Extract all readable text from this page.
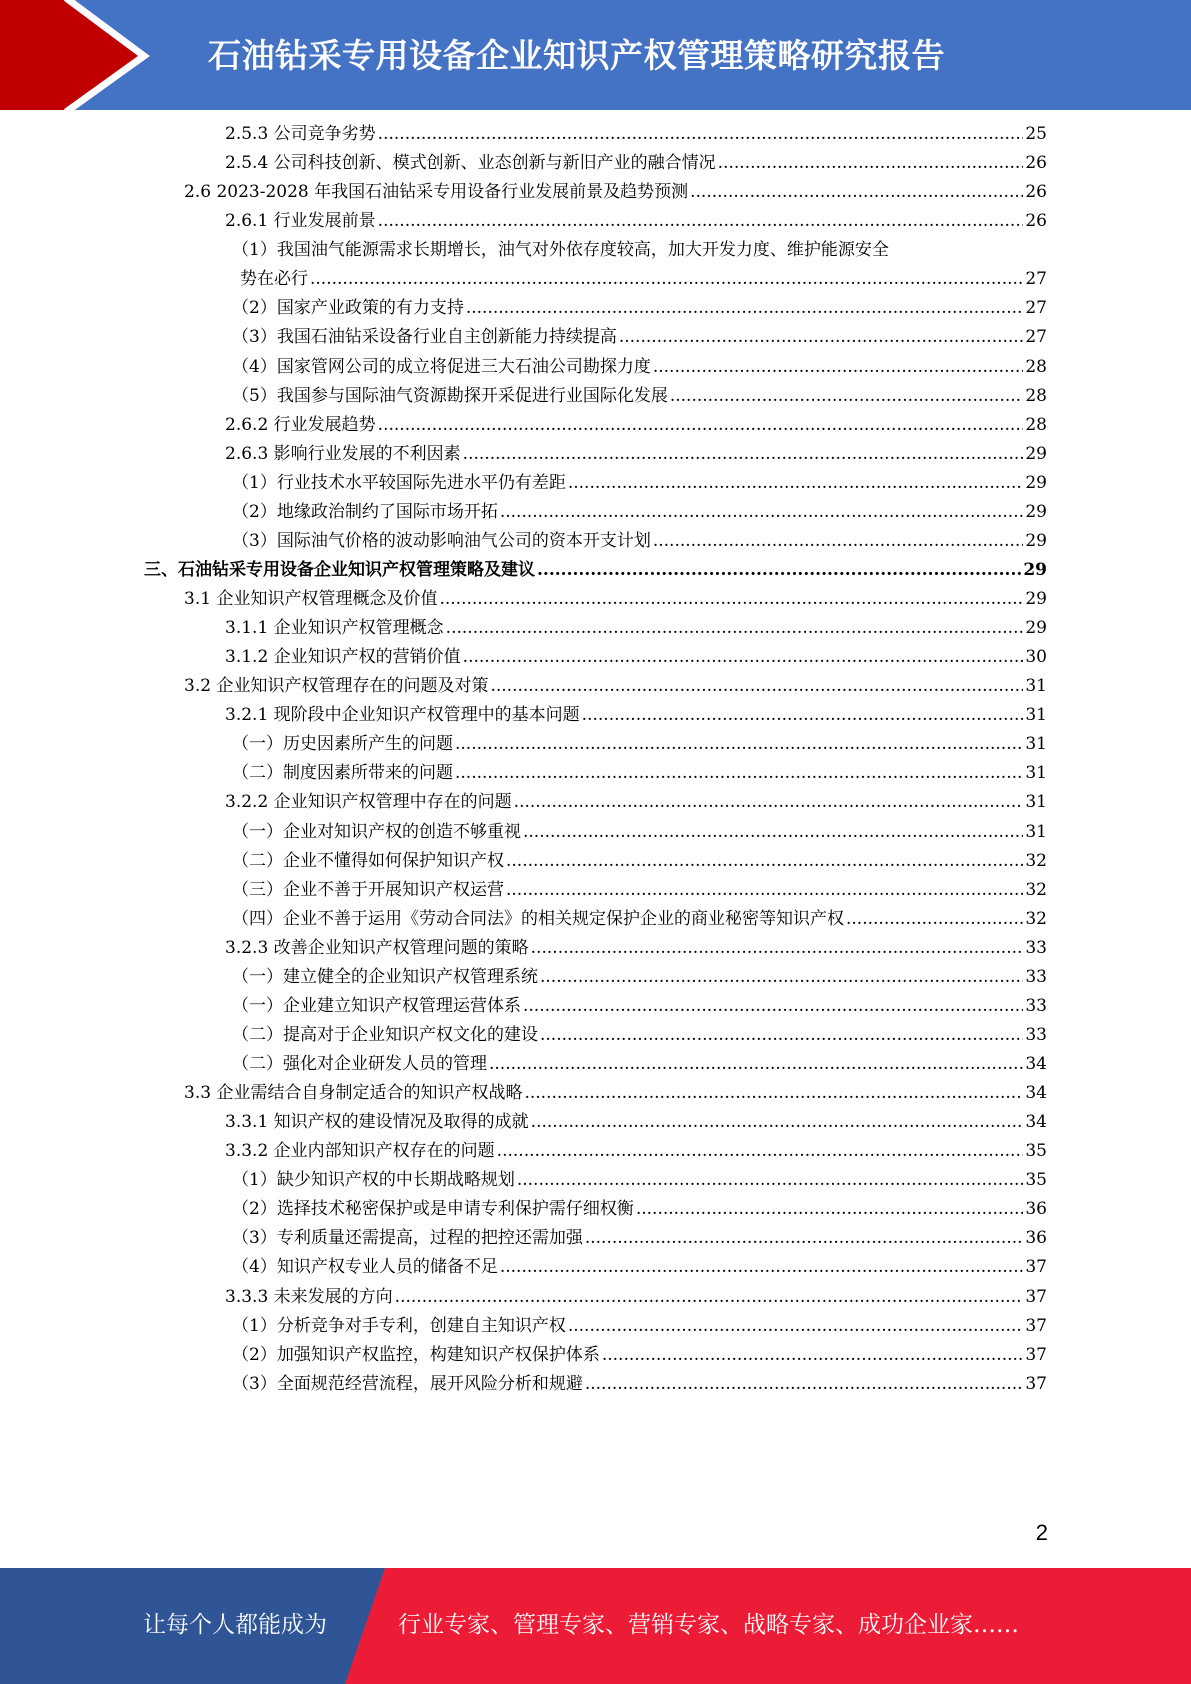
石油钻采专用设备企业知识产权管理策略研究报告
2.5.3 公司竞争劣势 .....	25
2.5.4 公司科技创新、模式创新、业态创新与新旧产业的融合情况 .....	26
2.6 2023-2028 年我国石油钻采专用设备行业发展前景及趋势预测 .....	26
2.6.1 行业发展前景 .....	26
（1）我国油气能源需求长期增长，油气对外依存度较高，加大开发力度、维护能源安全
势在必行 .....	27
（2）国家产业政策的有力支持 .....	27
（3）我国石油钻采设备行业自主创新能力持续提高 .....	27
（4）国家管网公司的成立将促进三大石油公司勘探力度 .....	28
（5）我国参与国际油气资源勘探开采促进行业国际化发展 .....	28
2.6.2 行业发展趋势 .....	28
2.6.3 影响行业发展的不利因素 .....	29
（1）行业技术水平较国际先进水平仍有差距 .....	29
（2）地缘政治制约了国际市场开拓 .....	29
（3）国际油气价格的波动影响油气公司的资本开支计划 .....	29
三、石油钻采专用设备企业知识产权管理策略及建议 .....	29
3.1 企业知识产权管理概念及价值 .....	29
3.1.1 企业知识产权管理概念 .....	29
3.1.2 企业知识产权的营销价值 .....	30
3.2 企业知识产权管理存在的问题及对策 .....	31
3.2.1 现阶段中企业知识产权管理中的基本问题 .....	31
（一）历史因素所产生的问题 .....	31
（二）制度因素所带来的问题 .....	31
3.2.2 企业知识产权管理中存在的问题 .....	31
（一）企业对知识产权的创造不够重视 .....	31
（二）企业不懂得如何保护知识产权 .....	32
（三）企业不善于开展知识产权运营 .....	32
（四）企业不善于运用《劳动合同法》的相关规定保护企业的商业秘密等知识产权 .....	32
3.2.3 改善企业知识产权管理问题的策略 .....	33
（一）建立健全的企业知识产权管理系统 .....	33
（一）企业建立知识产权管理运营体系 .....	33
（二）提高对于企业知识产权文化的建设 .....	33
（二）强化对企业研发人员的管理 .....	34
3.3 企业需结合自身制定适合的知识产权战略 .....	34
3.3.1 知识产权的建设情况及取得的成就 .....	34
3.3.2 企业内部知识产权存在的问题 .....	35
（1）缺少知识产权的中长期战略规划 .....	35
（2）选择技术秘密保护或是申请专利保护需仔细权衡 .....	36
（3）专利质量还需提高，过程的把控还需加强 .....	36
（4）知识产权专业人员的储备不足 .....	37
3.3.3 未来发展的方向 .....	37
（1）分析竞争对手专利，创建自主知识产权 .....	37
（2）加强知识产权监控，构建知识产权保护体系 .....	37
（3）全面规范经营流程，展开风险分析和规避 .....	37
2
让每个人都能成为	行业专家、管理专家、营销专家、战略专家、成功企业家……
